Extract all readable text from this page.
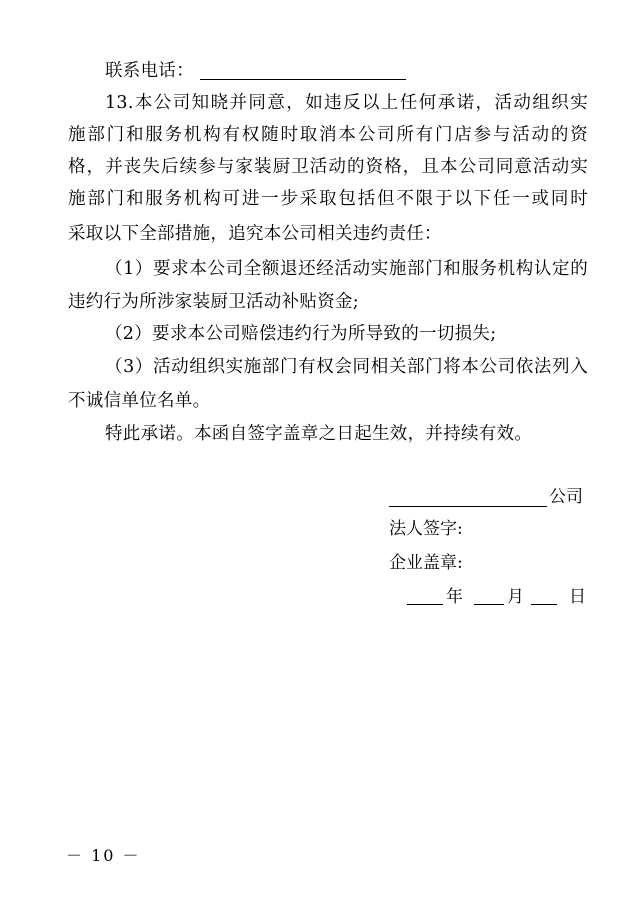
联系电话：
13.本公司知晓并同意，如违反以上任何承诺，活动组织实
施部门和服务机构有权随时取消本公司所有门店参与活动的资
格，并丧失后续参与家装厨卫活动的资格，且本公司同意活动实
施部门和服务机构可进一步采取包括但不限于以下任一或同时
采取以下全部措施，追究本公司相关违约责任：
（1）要求本公司全额退还经活动实施部门和服务机构认定的
违约行为所涉家装厨卫活动补贴资金;
（2）要求本公司赔偿违约行为所导致的一切损失;
（3）活动组织实施部门有权会同相关部门将本公司依法列入
不诚信单位名单。
特此承诺。本函自签字盖章之日起生效，并持续有效。
公司
法人签字:
企业盖章:
年	月	日
－ 10 －
